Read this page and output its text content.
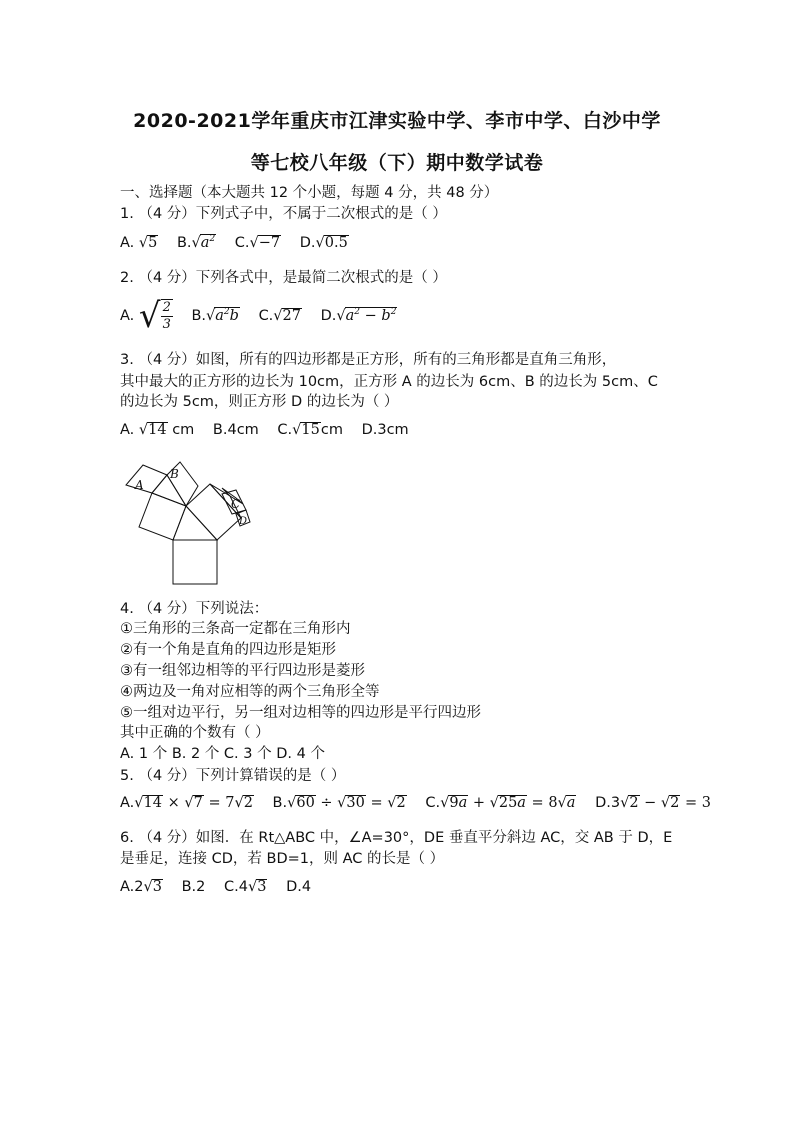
2020-2021学年重庆市江津实验中学、李市中学、白沙中学
等七校八年级（下）期中数学试卷
一、选择题（本大题共 12 个小题，每题 4 分，共 48 分）
1. （4 分）下列式子中，不属于二次根式的是（ ）
A. √5 $B.√a^2$ C.√−7 D.√0.5
2. （4 分）下列各式中，是最简二次根式的是（ ）
A. √ $\frac{2}{3} B.√a^2b$ C.√27 $D.√a^2 - b^2$
3. （4 分）如图，所有的四边形都是正方形，所有的三角形都是直角三角形，
其中最大的正方形的边长为 10cm，正方形 A 的边长为 6cm、B 的边长为 5cm、C
的边长为 5cm，则正方形 D 的边长为（ ）
A. √14 cm B.4cm C.√15cm D.3cm
A
B
C
D
4. （4 分）下列说法：
①三角形的三条高一定都在三角形内
②有一个角是直角的四边形是矩形
③有一组邻边相等的平行四边形是菱形
④两边及一角对应相等的两个三角形全等
⑤一组对边平行，另一组对边相等的四边形是平行四边形
其中正确的个数有（ ）
A. 1 个 B. 2 个 C. 3 个 D. 4 个
5. （4 分）下列计算错误的是（ ）
A.√14 × √7 = 7√2 B.√60 ÷ √30 = √2 C.√9a + √25a = 8√a D.3√2 − √2 = 3
6. （4 分）如图．在 Rt△ABC 中，∠A=30°，DE 垂直平分斜边 AC，交 AB 于 D，E
是垂足，连接 CD，若 BD=1，则 AC 的长是（ ）
A.2√3 B.2 C.4√3 D.4
